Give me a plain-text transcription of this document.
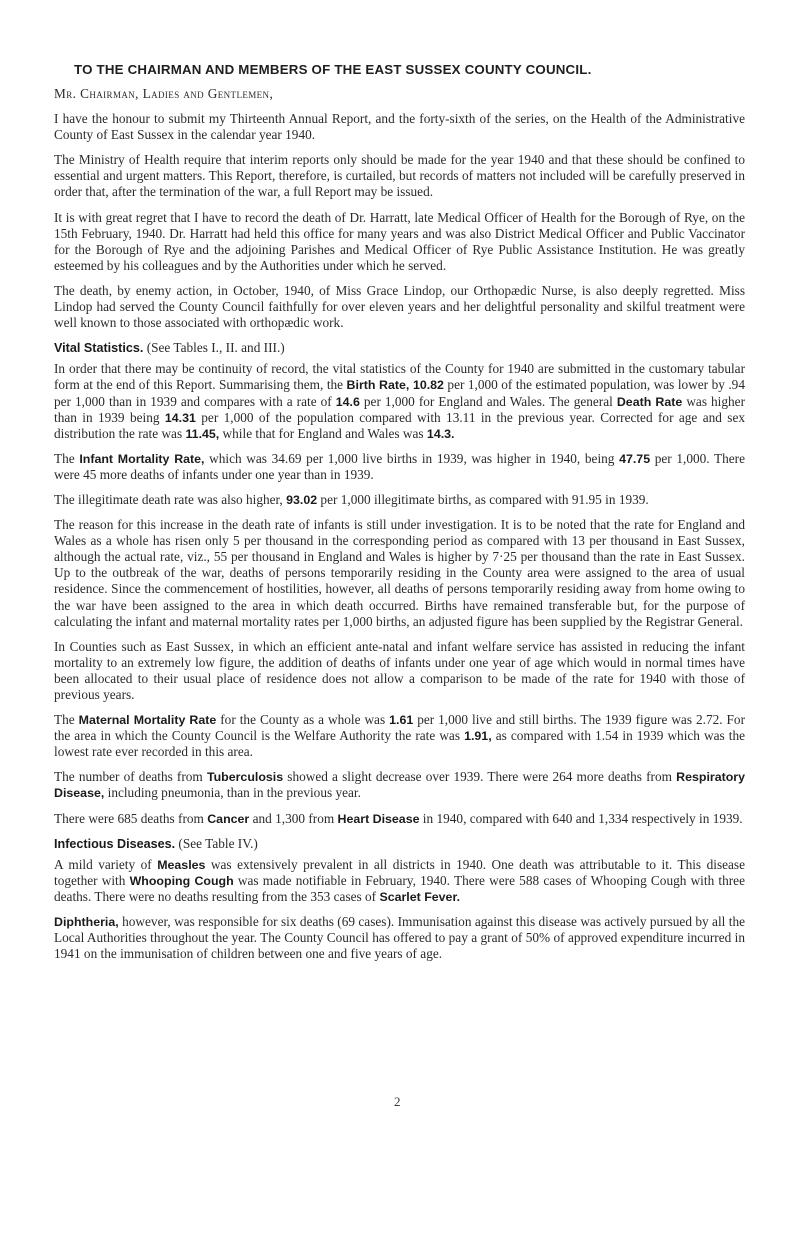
TO THE CHAIRMAN AND MEMBERS OF THE EAST SUSSEX COUNTY COUNCIL.
Mr. Chairman, Ladies and Gentlemen,

I have the honour to submit my Thirteenth Annual Report, and the forty-sixth of the series, on the Health of the Administrative County of East Sussex in the calendar year 1940.

The Ministry of Health require that interim reports only should be made for the year 1940 and that these should be confined to essential and urgent matters. This Report, therefore, is curtailed, but records of matters not included will be carefully preserved in order that, after the termination of the war, a full Report may be issued.

It is with great regret that I have to record the death of Dr. Harratt, late Medical Officer of Health for the Borough of Rye, on the 15th February, 1940. Dr. Harratt had held this office for many years and was also District Medical Officer and Public Vaccinator for the Borough of Rye and the adjoining Parishes and Medical Officer of Rye Public Assistance Institution. He was greatly esteemed by his colleagues and by the Authorities under which he served.

The death, by enemy action, in October, 1940, of Miss Grace Lindop, our Orthopædic Nurse, is also deeply regretted. Miss Lindop had served the County Council faithfully for over eleven years and her delightful personality and skilful treatment were well known to those associated with orthopædic work.

Vital Statistics. (See Tables I., II. and III.)

In order that there may be continuity of record, the vital statistics of the County for 1940 are submitted in the customary tabular form at the end of this Report. Summarising them, the Birth Rate, 10.82 per 1,000 of the estimated population, was lower by .94 per 1,000 than in 1939 and compares with a rate of 14.6 per 1,000 for England and Wales. The general Death Rate was higher than in 1939 being 14.31 per 1,000 of the population compared with 13.11 in the previous year. Corrected for age and sex distribution the rate was 11.45, while that for England and Wales was 14.3.

The Infant Mortality Rate, which was 34.69 per 1,000 live births in 1939, was higher in 1940, being 47.75 per 1,000. There were 45 more deaths of infants under one year than in 1939.

The illegitimate death rate was also higher, 93.02 per 1,000 illegitimate births, as compared with 91.95 in 1939.

The reason for this increase in the death rate of infants is still under investigation. It is to be noted that the rate for England and Wales as a whole has risen only 5 per thousand in the corresponding period as compared with 13 per thousand in East Sussex, although the actual rate, viz., 55 per thousand in England and Wales is higher by 7·25 per thousand than the rate in East Sussex. Up to the outbreak of the war, deaths of persons temporarily residing in the County area were assigned to the area of usual residence. Since the commencement of hostilities, however, all deaths of persons temporarily residing away from home owing to the war have been assigned to the area in which death occurred. Births have remained transferable but, for the purpose of calculating the infant and maternal mortality rates per 1,000 births, an adjusted figure has been supplied by the Registrar General.

In Counties such as East Sussex, in which an efficient ante-natal and infant welfare service has assisted in reducing the infant mortality to an extremely low figure, the addition of deaths of infants under one year of age which would in normal times have been allocated to their usual place of residence does not allow a comparison to be made of the rate for 1940 with those of previous years.

The Maternal Mortality Rate for the County as a whole was 1.61 per 1,000 live and still births. The 1939 figure was 2.72. For the area in which the County Council is the Welfare Authority the rate was 1.91, as compared with 1.54 in 1939 which was the lowest rate ever recorded in this area.

The number of deaths from Tuberculosis showed a slight decrease over 1939. There were 264 more deaths from Respiratory Disease, including pneumonia, than in the previous year.

There were 685 deaths from Cancer and 1,300 from Heart Disease in 1940, compared with 640 and 1,334 respectively in 1939.

Infectious Diseases. (See Table IV.)

A mild variety of Measles was extensively prevalent in all districts in 1940. One death was attributable to it. This disease together with Whooping Cough was made notifiable in February, 1940. There were 588 cases of Whooping Cough with three deaths. There were no deaths resulting from the 353 cases of Scarlet Fever.

Diphtheria, however, was responsible for six deaths (69 cases). Immunisation against this disease was actively pursued by all the Local Authorities throughout the year. The County Council has offered to pay a grant of 50% of approved expenditure incurred in 1941 on the immunisation of children between one and five years of age.

2
